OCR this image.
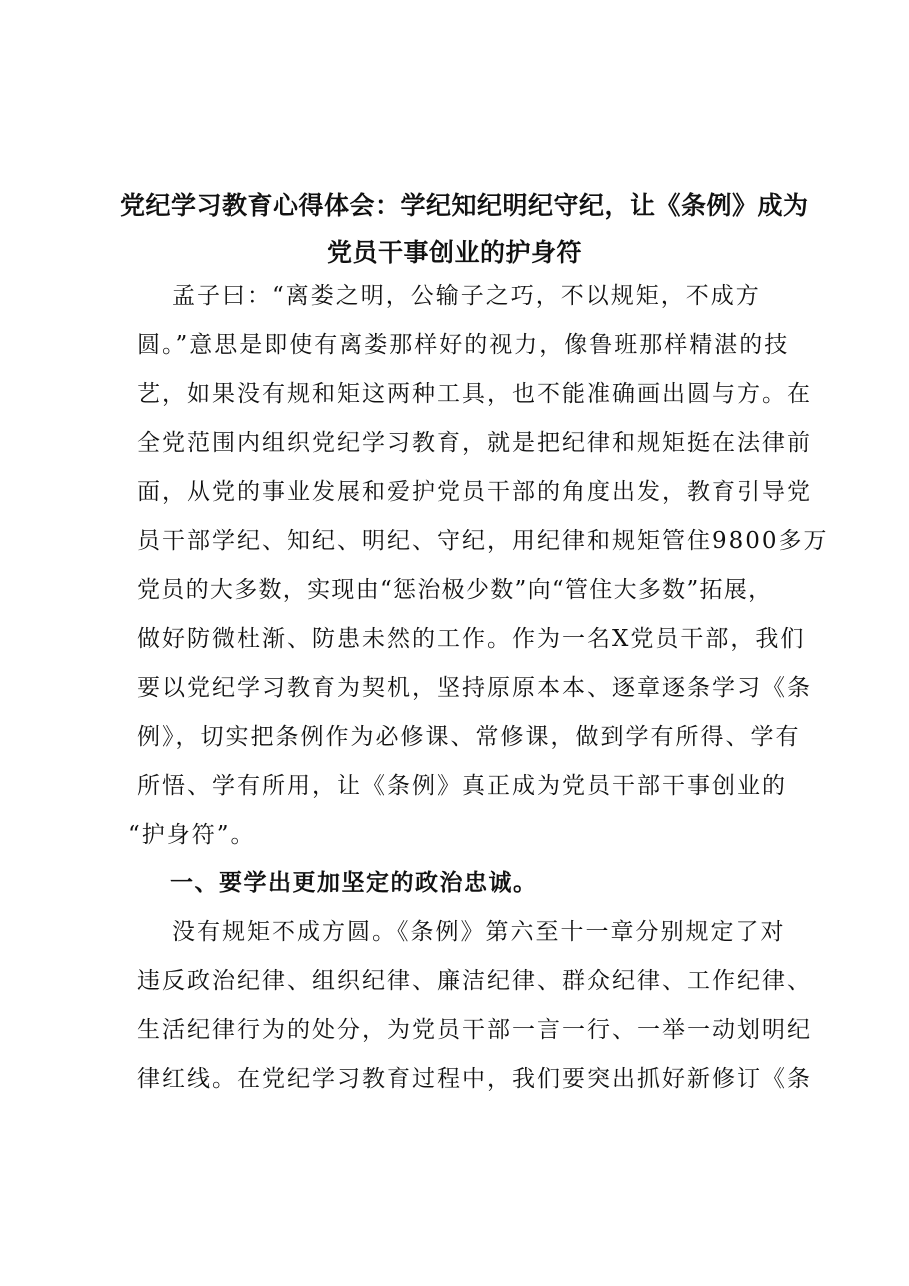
党纪学习教育心得体会：学纪知纪明纪守纪，让《条例》成为
党员干事创业的护身符
孟子曰：“离娄之明，公输子之巧，不以规矩，不成方
圆。”意思是即使有离娄那样好的视力，像鲁班那样精湛的技
艺，如果没有规和矩这两种工具，也不能准确画出圆与方。在
全党范围内组织党纪学习教育，就是把纪律和规矩挺在法律前
面，从党的事业发展和爱护党员干部的角度出发，教育引导党
员干部学纪、知纪、明纪、守纪，用纪律和规矩管住9800多万
党员的大多数，实现由“惩治极少数”向“管住大多数”拓展，
做好防微杜渐、防患未然的工作。作为一名X党员干部，我们
要以党纪学习教育为契机，坚持原原本本、逐章逐条学习《条
例》，切实把条例作为必修课、常修课，做到学有所得、学有
所悟、学有所用，让《条例》真正成为党员干部干事创业的
“护身符”。
一、要学出更加坚定的政治忠诚。
没有规矩不成方圆。《条例》第六至十一章分别规定了对
违反政治纪律、组织纪律、廉洁纪律、群众纪律、工作纪律、
生活纪律行为的处分，为党员干部一言一行、一举一动划明纪
律红线。在党纪学习教育过程中，我们要突出抓好新修订《条
